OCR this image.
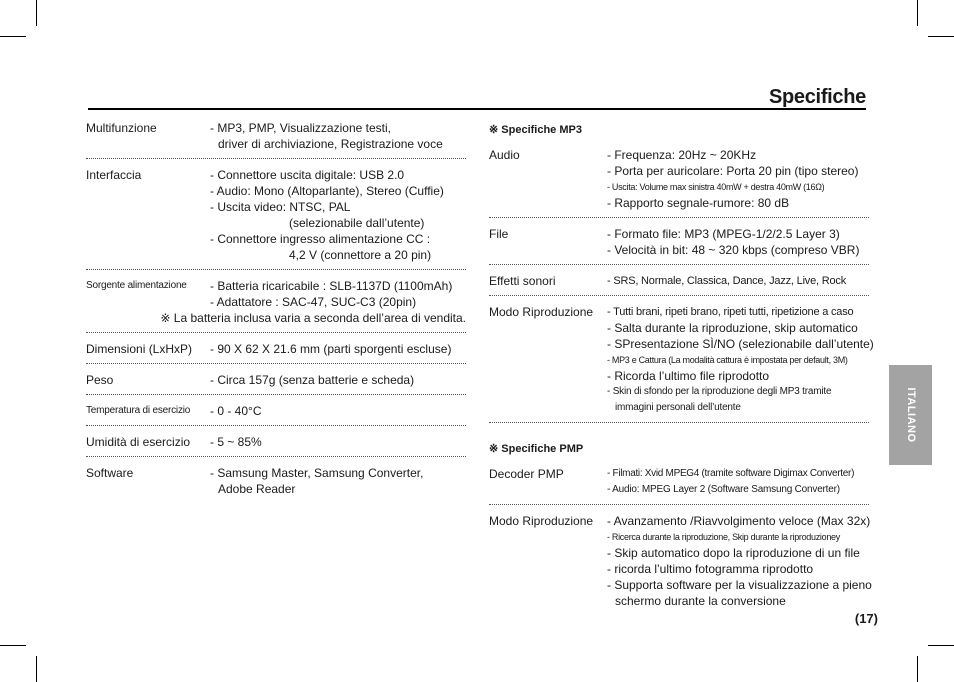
Specifiche
Multifunzione	- MP3, PMP, Visualizzazione testi,
driver di archiviazione, Registrazione voce
Interfaccia	- Connettore uscita digitale: USB 2.0
- Audio: Mono (Altoparlante), Stereo (Cuffie)
- Uscita video: NTSC, PAL
(selezionabile dall’utente)
- Connettore ingresso alimentazione CC :
4,2 V (connettore a 20 pin)
Sorgente alimentazione	- Batteria ricaricabile : SLB-1137D (1100mAh)
- Adattatore : SAC-47, SUC-C3 (20pin)
※ La batteria inclusa varia a seconda dell’area di vendita.
Dimensioni (LxHxP)	- 90 X 62 X 21.6 mm (parti sporgenti escluse)
Peso	- Circa 157g (senza batterie e scheda)
Temperatura di esercizio	- 0 - 40°C
Umidità di esercizio	- 5 ~ 85%
Software	- Samsung Master, Samsung Converter,
Adobe Reader
※ Specifiche MP3
Audio	- Frequenza: 20Hz ~ 20KHz
- Porta per auricolare: Porta 20 pin (tipo stereo)
- Uscita: Volume max sinistra 40mW + destra 40mW (16Ω)
- Rapporto segnale-rumore: 80 dB
File	- Formato file: MP3 (MPEG-1/2/2.5 Layer 3)
- Velocità in bit: 48 ~ 320 kbps (compreso VBR)
Effetti sonori	- SRS, Normale, Classica, Dance, Jazz, Live, Rock
Modo Riproduzione	- Tutti brani, ripeti brano, ripeti tutti, ripetizione a caso
- Salta durante la riproduzione, skip automatico
- SPresentazione SÌ/NO (selezionabile dall’utente)
- MP3 e Cattura (La modalità cattura è impostata per default, 3M)
- Ricorda l’ultimo file riprodotto
- Skin di sfondo per la riproduzione degli MP3 tramite
immagini personali dell’utente
※ Specifiche PMP
Decoder PMP	- Filmati: Xvid MPEG4 (tramite software Digimax Converter)
- Audio: MPEG Layer 2 (Software Samsung Converter)
Modo Riproduzione	- Avanzamento /Riavvolgimento veloce (Max 32x)
- Ricerca durante la riproduzione, Skip durante la riproduzioney
- Skip automatico dopo la riproduzione di un file
- ricorda l’ultimo fotogramma riprodotto
- Supporta software per la visualizzazione a pieno
schermo durante la conversione
ITALIANO
(17)
